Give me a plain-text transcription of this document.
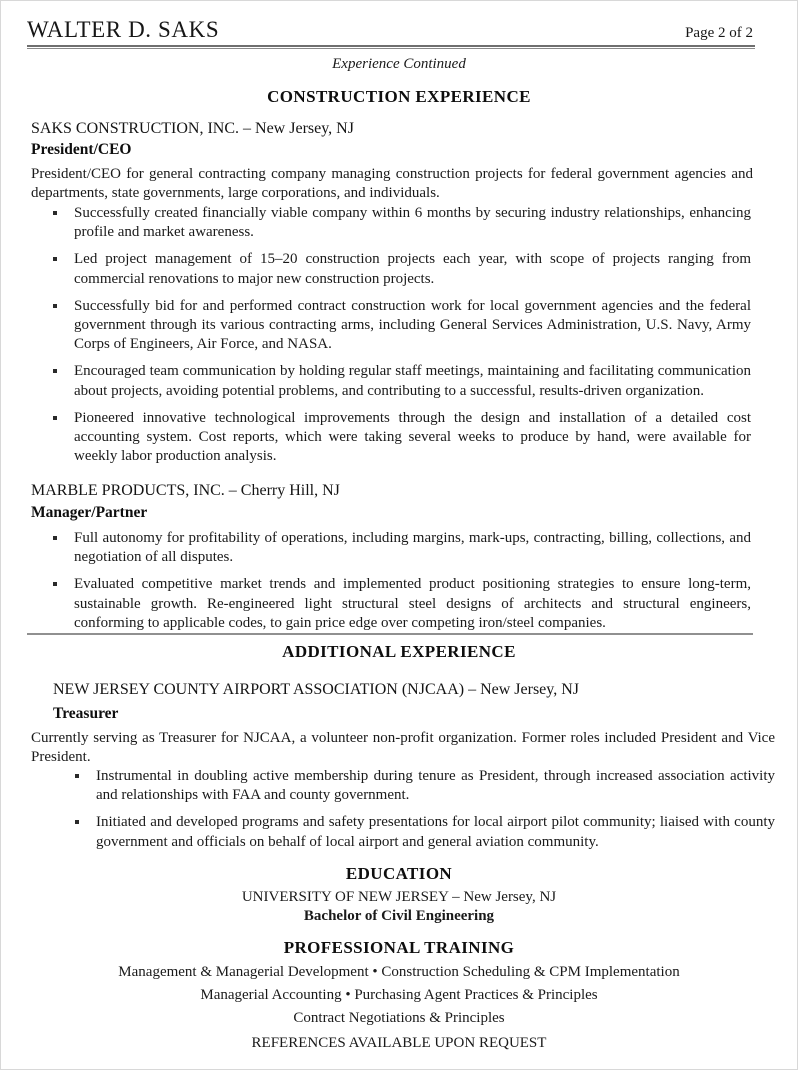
WALTER D. SAKS	Page 2 of 2
Experience Continued
CONSTRUCTION EXPERIENCE
SAKS CONSTRUCTION, INC. – New Jersey, NJ
President/CEO
President/CEO for general contracting company managing construction projects for federal government agencies and departments, state governments, large corporations, and individuals.
Successfully created financially viable company within 6 months by securing industry relationships, enhancing profile and market awareness.
Led project management of 15–20 construction projects each year, with scope of projects ranging from commercial renovations to major new construction projects.
Successfully bid for and performed contract construction work for local government agencies and the federal government through its various contracting arms, including General Services Administration, U.S. Navy, Army Corps of Engineers, Air Force, and NASA.
Encouraged team communication by holding regular staff meetings, maintaining and facilitating communication about projects, avoiding potential problems, and contributing to a successful, results-driven organization.
Pioneered innovative technological improvements through the design and installation of a detailed cost accounting system. Cost reports, which were taking several weeks to produce by hand, were available for weekly labor production analysis.
MARBLE PRODUCTS, INC. – Cherry Hill, NJ
Manager/Partner
Full autonomy for profitability of operations, including margins, mark-ups, contracting, billing, collections, and negotiation of all disputes.
Evaluated competitive market trends and implemented product positioning strategies to ensure long-term, sustainable growth. Re-engineered light structural steel designs of architects and structural engineers, conforming to applicable codes, to gain price edge over competing iron/steel companies.
ADDITIONAL EXPERIENCE
NEW JERSEY COUNTY AIRPORT ASSOCIATION (NJCAA) – New Jersey, NJ
Treasurer
Currently serving as Treasurer for NJCAA, a volunteer non-profit organization. Former roles included President and Vice President.
Instrumental in doubling active membership during tenure as President, through increased association activity and relationships with FAA and county government.
Initiated and developed programs and safety presentations for local airport pilot community; liaised with county government and officials on behalf of local airport and general aviation community.
EDUCATION
UNIVERSITY OF NEW JERSEY – New Jersey, NJ
Bachelor of Civil Engineering
PROFESSIONAL TRAINING
Management & Managerial Development • Construction Scheduling & CPM Implementation
Managerial Accounting • Purchasing Agent Practices & Principles
Contract Negotiations & Principles
REFERENCES AVAILABLE UPON REQUEST
